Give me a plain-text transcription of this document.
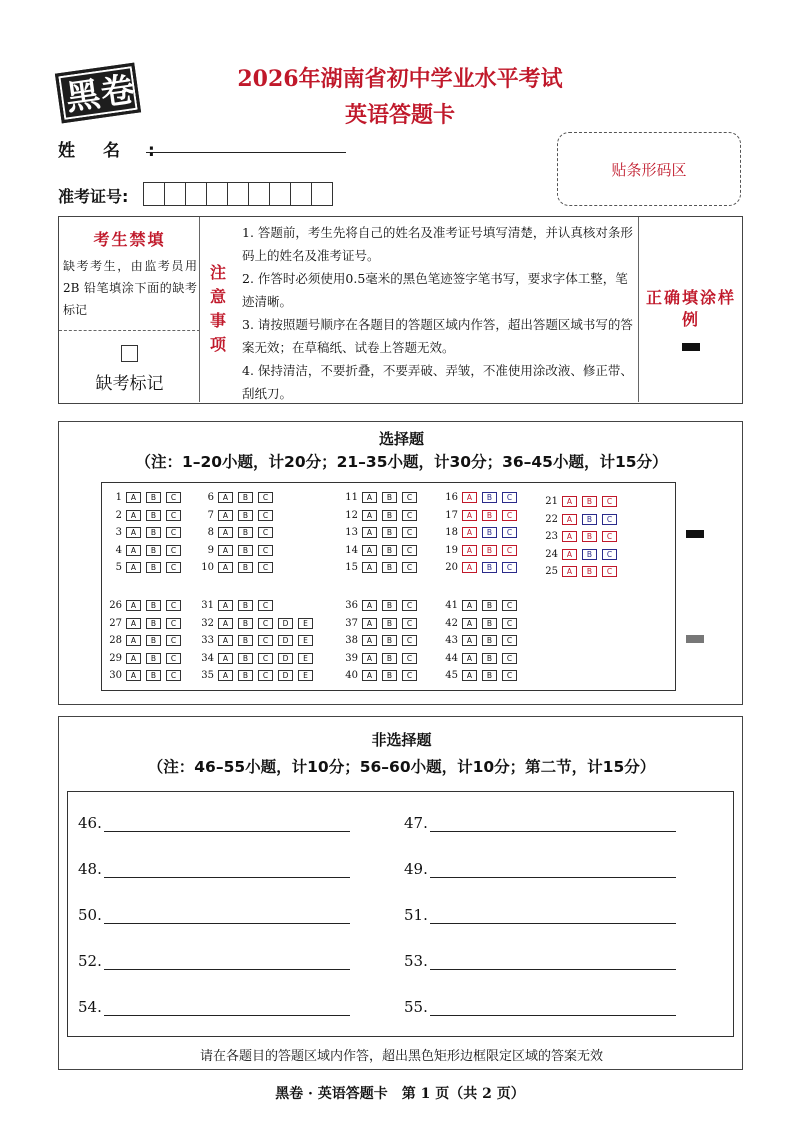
黑卷	2026年湖南省初中学业水平考试
英语答题卡
姓名:
准考证号:
贴条形码区
考生禁填
缺考考生，由监考员用 2B 铅笔填涂下面的缺考标记
缺考标记
注意事项
1. 答题前，考生先将自己的姓名及准考证号填写清楚，并认真核对条形码上的姓名及准考证号。
2. 作答时必须使用0.5毫米的黑色笔迹签字笔书写，要求字体工整，笔迹清晰。
3. 请按照题号顺序在各题目的答题区域内作答，超出答题区域书写的答案无效；在草稿纸、试卷上答题无效。
4. 保持清洁，不要折叠，不要弄破、弄皱，不准使用涂改液、修正带、刮纸刀。
正确填涂样例
选择题
（注：1–20小题，计20分；21–35小题，计30分；36–45小题，计15分）
1	A	B	C
2	A	B	C
3	A	B	C
4	A	B	C
5	A	B	C
6	A	B	C
7	A	B	C
8	A	B	C
9	A	B	C
10	A	B	C
11	A	B	C
12	A	B	C
13	A	B	C
14	A	B	C
15	A	B	C
16	A	B	C
17	A	B	C
18	A	B	C
19	A	B	C
20	A	B	C
21	A	B	C
22	A	B	C
23	A	B	C
24	A	B	C
25	A	B	C
26	A	B	C
27	A	B	C
28	A	B	C
29	A	B	C
30	A	B	C
31	A	B	C
32	A	B	C	D	E
33	A	B	C	D	E
34	A	B	C	D	E
35	A	B	C	D	E
36	A	B	C
37	A	B	C
38	A	B	C
39	A	B	C
40	A	B	C
41	A	B	C
42	A	B	C
43	A	B	C
44	A	B	C
45	A	B	C
非选择题
（注：46–55小题，计10分；56–60小题，计10分；第二节，计15分）
46.	47.
48.	49.
50.	51.
52.	53.
54.	55.
请在各题目的答题区域内作答，超出黑色矩形边框限定区域的答案无效
黑卷 · 英语答题卡　第 1 页（共 2 页）
